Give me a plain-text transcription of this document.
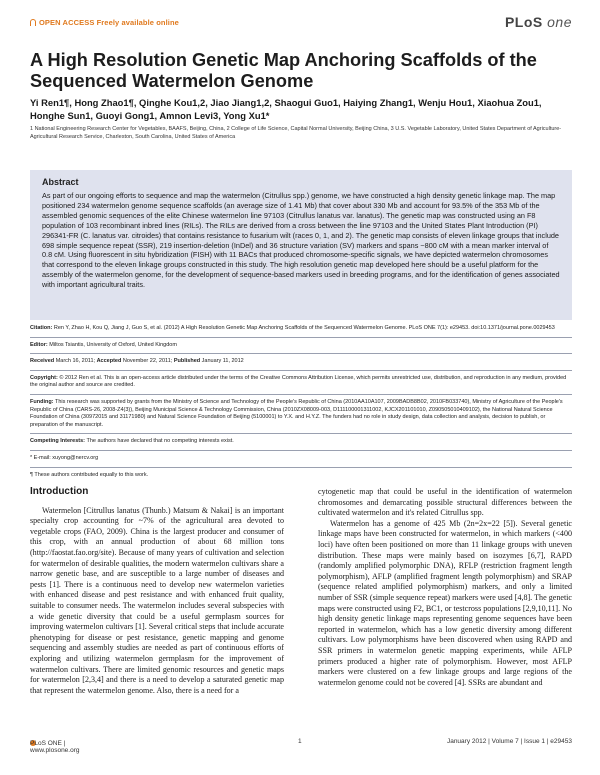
OPEN ACCESS Freely available online	PLoS one
A High Resolution Genetic Map Anchoring Scaffolds of the Sequenced Watermelon Genome

Yi Ren1¶, Hong Zhao1¶, Qinghe Kou1,2, Jiao Jiang1,2, Shaogui Guo1, Haiying Zhang1, Wenju Hou1, Xiaohua Zou1, Honghe Sun1, Guoyi Gong1, Amnon Levi3, Yong Xu1*

1 National Engineering Research Center for Vegetables, BAAFS, Beijing, China, 2 College of Life Science, Capital Normal University, Beijing China, 3 U.S. Vegetable Laboratory, United States Department of Agriculture-Agricultural Research Service, Charleston, South Carolina, United States of America

Abstract

As part of our ongoing efforts to sequence and map the watermelon (Citrullus spp.) genome, we have constructed a high density genetic linkage map. The map positioned 234 watermelon genome sequence scaffolds (an average size of 1.41 Mb) that cover about 330 Mb and account for 93.5% of the 353 Mb of the assembled genomic sequences of the elite Chinese watermelon line 97103 (Citrullus lanatus var. lanatus). The genetic map was constructed using an F8 population of 103 recombinant inbred lines (RILs). The RILs are derived from a cross between the line 97103 and the United States Plant Introduction (PI) 296341-FR (C. lanatus var. citroides) that contains resistance to fusarium wilt (races 0, 1, and 2). The genetic map consists of eleven linkage groups that include 698 simple sequence repeat (SSR), 219 insertion-deletion (InDel) and 36 structure variation (SV) markers and spans ~800 cM with a mean marker interval of 0.8 cM. Using fluorescent in situ hybridization (FISH) with 11 BACs that produced chromosome-specific signals, we have depicted watermelon chromosomes that correspond to the eleven linkage groups constructed in this study. The high resolution genetic map developed here should be a useful platform for the assembly of the watermelon genome, for the development of sequence-based markers used in breeding programs, and for the identification of genes associated with important agricultural traits.

Citation: Ren Y, Zhao H, Kou Q, Jiang J, Guo S, et al. (2012) A High Resolution Genetic Map Anchoring Scaffolds of the Sequenced Watermelon Genome. PLoS ONE 7(1): e29453. doi:10.1371/journal.pone.0029453

Editor: Miltos Tsiantis, University of Oxford, United Kingdom

Received March 16, 2011; Accepted November 22, 2011; Published January 11, 2012

Copyright: © 2012 Ren et al. This is an open-access article distributed under the terms of the Creative Commons Attribution License, which permits unrestricted use, distribution, and reproduction in any medium, provided the original author and source are credited.

Funding: This research was supported by grants from the Ministry of Science and Technology of the People's Republic of China (2010AA10A107, 2009BADB8B02, 2010FB033740), Ministry of Agriculture of the People's Republic of China (CARS-26, 2008-Z4(3)), Beijing Municipal Science & Technology Commission, China (2010ZX08009-003, D111100001311002, KJCX201101010, Z090505010409102), the National Natural Science Foundation of China (30972015 and 31171980) and Natural Science Foundation of Beijing (5100001) to Y.X. and H.Y.Z. The funders had no role in study design, data collection and analysis, decision to publish, or preparation of the manuscript.

Competing Interests: The authors have declared that no competing interests exist.

* E-mail: xuyong@nercv.org

¶ These authors contributed equally to this work.

Introduction

Watermelon [Citrullus lanatus (Thunb.) Matsum & Nakai] is an important specialty crop accounting for ~7% of the agricultural area devoted to vegetable crops (FAO, 2009). China is the largest producer and consumer of this crop, with an annual production of about 68 million tons (http://faostat.fao.org/site). Because of many years of cultivation and selection for watermelon of desirable qualities, the modern watermelon cultivars share a narrow genetic base, and are susceptible to a large number of diseases and pests [1]. There is a continuous need to develop new watermelon varieties with enhanced disease and pest resistance and with enhanced fruit quality, suitable to consumer needs. The watermelon includes several subspecies with a wide genetic diversity that could be a useful germplasm sources for improving watermelon cultivars [1]. Several critical steps that include accurate phenotyping for disease or pest resistance, genetic mapping and genome sequencing and assembly studies are needed as part of continuous efforts of exploring and utilizing watermelon germplasm for the improvement of watermelon cultivars. There are limited genomic resources and genetic maps for watermelon [2,3,4] and there is a need to develop a saturated genetic map that represent the watermelon genome. Also, there is a need for a

cytogenetic map that could be useful in the identification of watermelon chromosomes and demarcating possible structural differences between the cultivated watermelon and it's related Citrullus spp.

Watermelon has a genome of 425 Mb (2n=2x=22 [5]). Several genetic linkage maps have been constructed for watermelon, in which markers (<400 loci) have often been positioned on more than 11 linkage groups with uneven distribution. These maps were mainly based on isozymes [6,7], RAPD (randomly amplified polymorphic DNA), RFLP (restriction fragment length polymorphism), AFLP (amplified fragment length polymorphism) and SRAP (sequence related amplified polymorphism) markers, and only a limited number of SSR (simple sequence repeat) markers were used [4,8]. The genetic maps were constructed using F2, BC1, or testcross populations [2,9,10,11]. No high density genetic linkage maps representing genome sequences have been reported in watermelon, which has a low genetic diversity among different cultivars. Low polymorphisms have been discovered when using RAPD and SSR primers in watermelon genetic mapping experiments, while AFLP primers produced a higher rate of polymorphism. However, most AFLP markers were clustered on a few linkage groups and large regions of the watermelon genome could not be covered [4]. SSRs are abundant and

PLoS ONE | www.plosone.org
1	January 2012 | Volume 7 | Issue 1 | e29453
